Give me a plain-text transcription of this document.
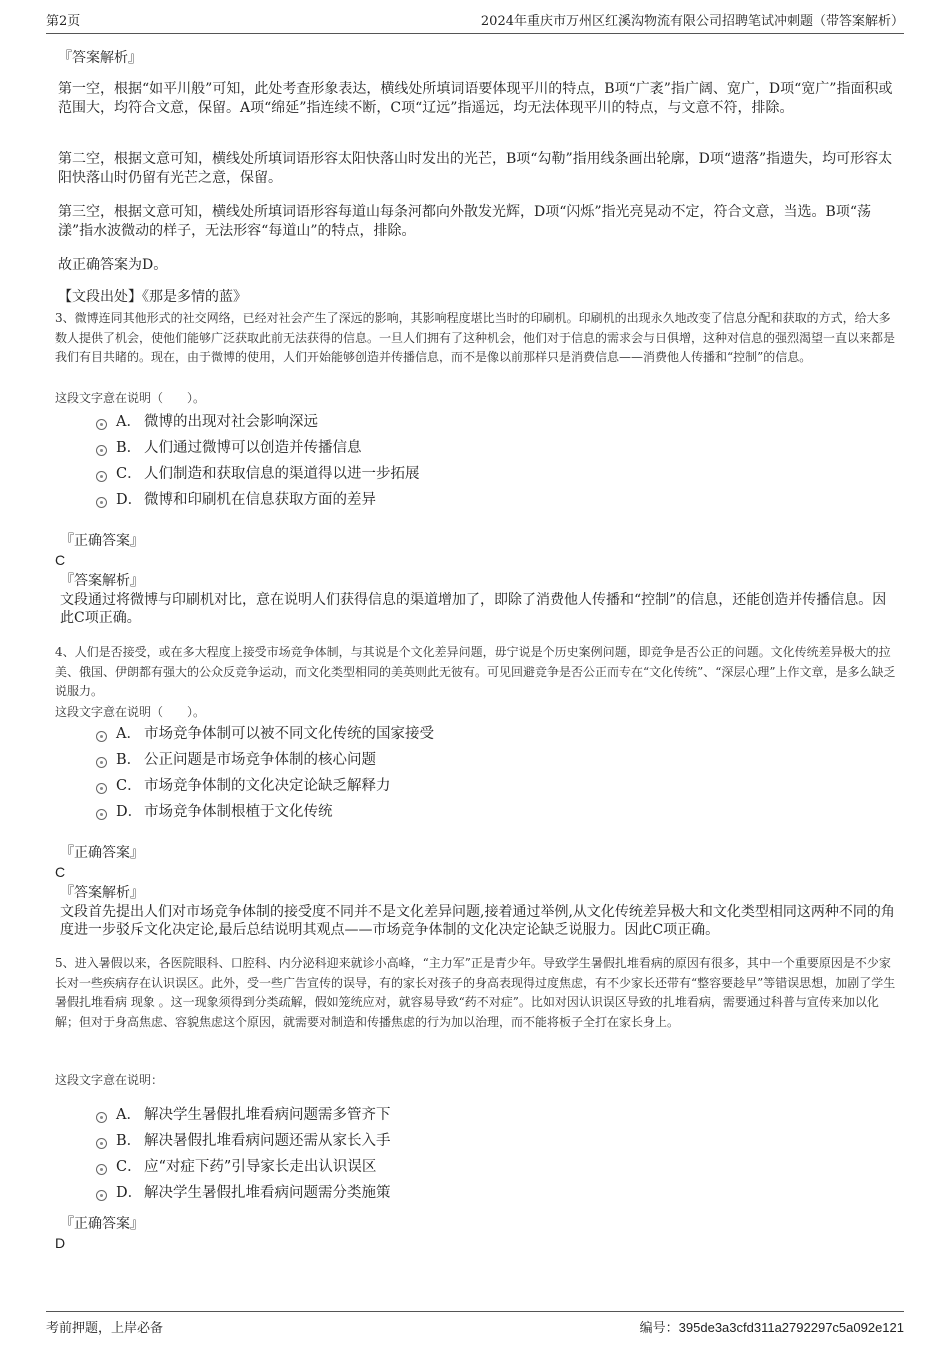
第2页	2024年重庆市万州区红溪沟物流有限公司招聘笔试冲刺题（带答案解析）
『答案解析』

第一空，根据“如平川般”可知，此处考查形象表达，横线处所填词语要体现平川的特点，B项“广袤”指广阔、宽广，D项“宽广”指面积或范围大，均符合文意，保留。A项“绵延”指连续不断，C项“辽远”指遥远，均无法体现平川的特点，与文意不符，排除。

第二空，根据文意可知，横线处所填词语形容太阳快落山时发出的光芒，B项“勾勒”指用线条画出轮廓，D项“遗落”指遗失，均可形容太阳快落山时仍留有光芒之意，保留。

第三空，根据文意可知，横线处所填词语形容每道山每条河都向外散发光辉，D项“闪烁”指光亮晃动不定，符合文意，当选。B项“荡漾”指水波微动的样子，无法形容“每道山”的特点，排除。

故正确答案为D。

【文段出处】《那是多情的蓝》
3、微博连同其他形式的社交网络，已经对社会产生了深远的影响，其影响程度堪比当时的印刷机。印刷机的出现永久地改变了信息分配和获取的方式，给大多数人提供了机会，使他们能够广泛获取此前无法获得的信息。一旦人们拥有了这种机会，他们对于信息的需求会与日俱增，这种对信息的强烈渴望一直以来都是我们有目共睹的。现在，由于微博的使用，人们开始能够创造并传播信息，而不是像以前那样只是消费信息——消费他人传播和“控制”的信息。
这段文字意在说明（　　）。
A． 微博的出现对社会影响深远
B． 人们通过微博可以创造并传播信息
C． 人们制造和获取信息的渠道得以进一步拓展
D． 微博和印刷机在信息获取方面的差异
『正确答案』
C
『答案解析』
文段通过将微博与印刷机对比，意在说明人们获得信息的渠道增加了，即除了消费他人传播和“控制”的信息，还能创造并传播信息。因此C项正确。
4、人们是否接受，或在多大程度上接受市场竞争体制，与其说是个文化差异问题，毋宁说是个历史案例问题，即竞争是否公正的问题。文化传统差异极大的拉美、俄国、伊朗都有强大的公众反竞争运动，而文化类型相同的美英则此无彼有。可见回避竞争是否公正而专在“文化传统”、“深层心理”上作文章，是多么缺乏说服力。
这段文字意在说明（　　）。
A． 市场竞争体制可以被不同文化传统的国家接受
B． 公正问题是市场竞争体制的核心问题
C． 市场竞争体制的文化决定论缺乏解释力
D． 市场竞争体制根植于文化传统
『正确答案』
C
『答案解析』
文段首先提出人们对市场竞争体制的接受度不同并不是文化差异问题,接着通过举例,从文化传统差异极大和文化类型相同这两种不同的角度进一步驳斥文化决定论,最后总结说明其观点——市场竞争体制的文化决定论缺乏说服力。因此C项正确。
5、进入暑假以来，各医院眼科、口腔科、内分泌科迎来就诊小高峰，“主力军”正是青少年。导致学生暑假扎堆看病的原因有很多，其中一个重要原因是不少家长对一些疾病存在认识误区。此外，受一些广告宣传的误导，有的家长对孩子的身高表现得过度焦虑，有不少家长还带有“整容要趁早”等错误思想，加剧了学生暑假扎堆看病 现象 。这一现象须得到分类疏解，假如笼统应对，就容易导致“药不对症”。比如对因认识误区导致的扎堆看病，需要通过科普与宣传来加以化解；但对于身高焦虑、容貌焦虑这个原因，就需要对制造和传播焦虑的行为加以治理，而不能将板子全打在家长身上。
这段文字意在说明：
A． 解决学生暑假扎堆看病问题需多管齐下
B． 解决暑假扎堆看病问题还需从家长入手
C． 应“对症下药”引导家长走出认识误区
D． 解决学生暑假扎堆看病问题需分类施策
『正确答案』
D
考前押题，上岸必备	编号：395de3a3cfd311a2792297c5a092e121
